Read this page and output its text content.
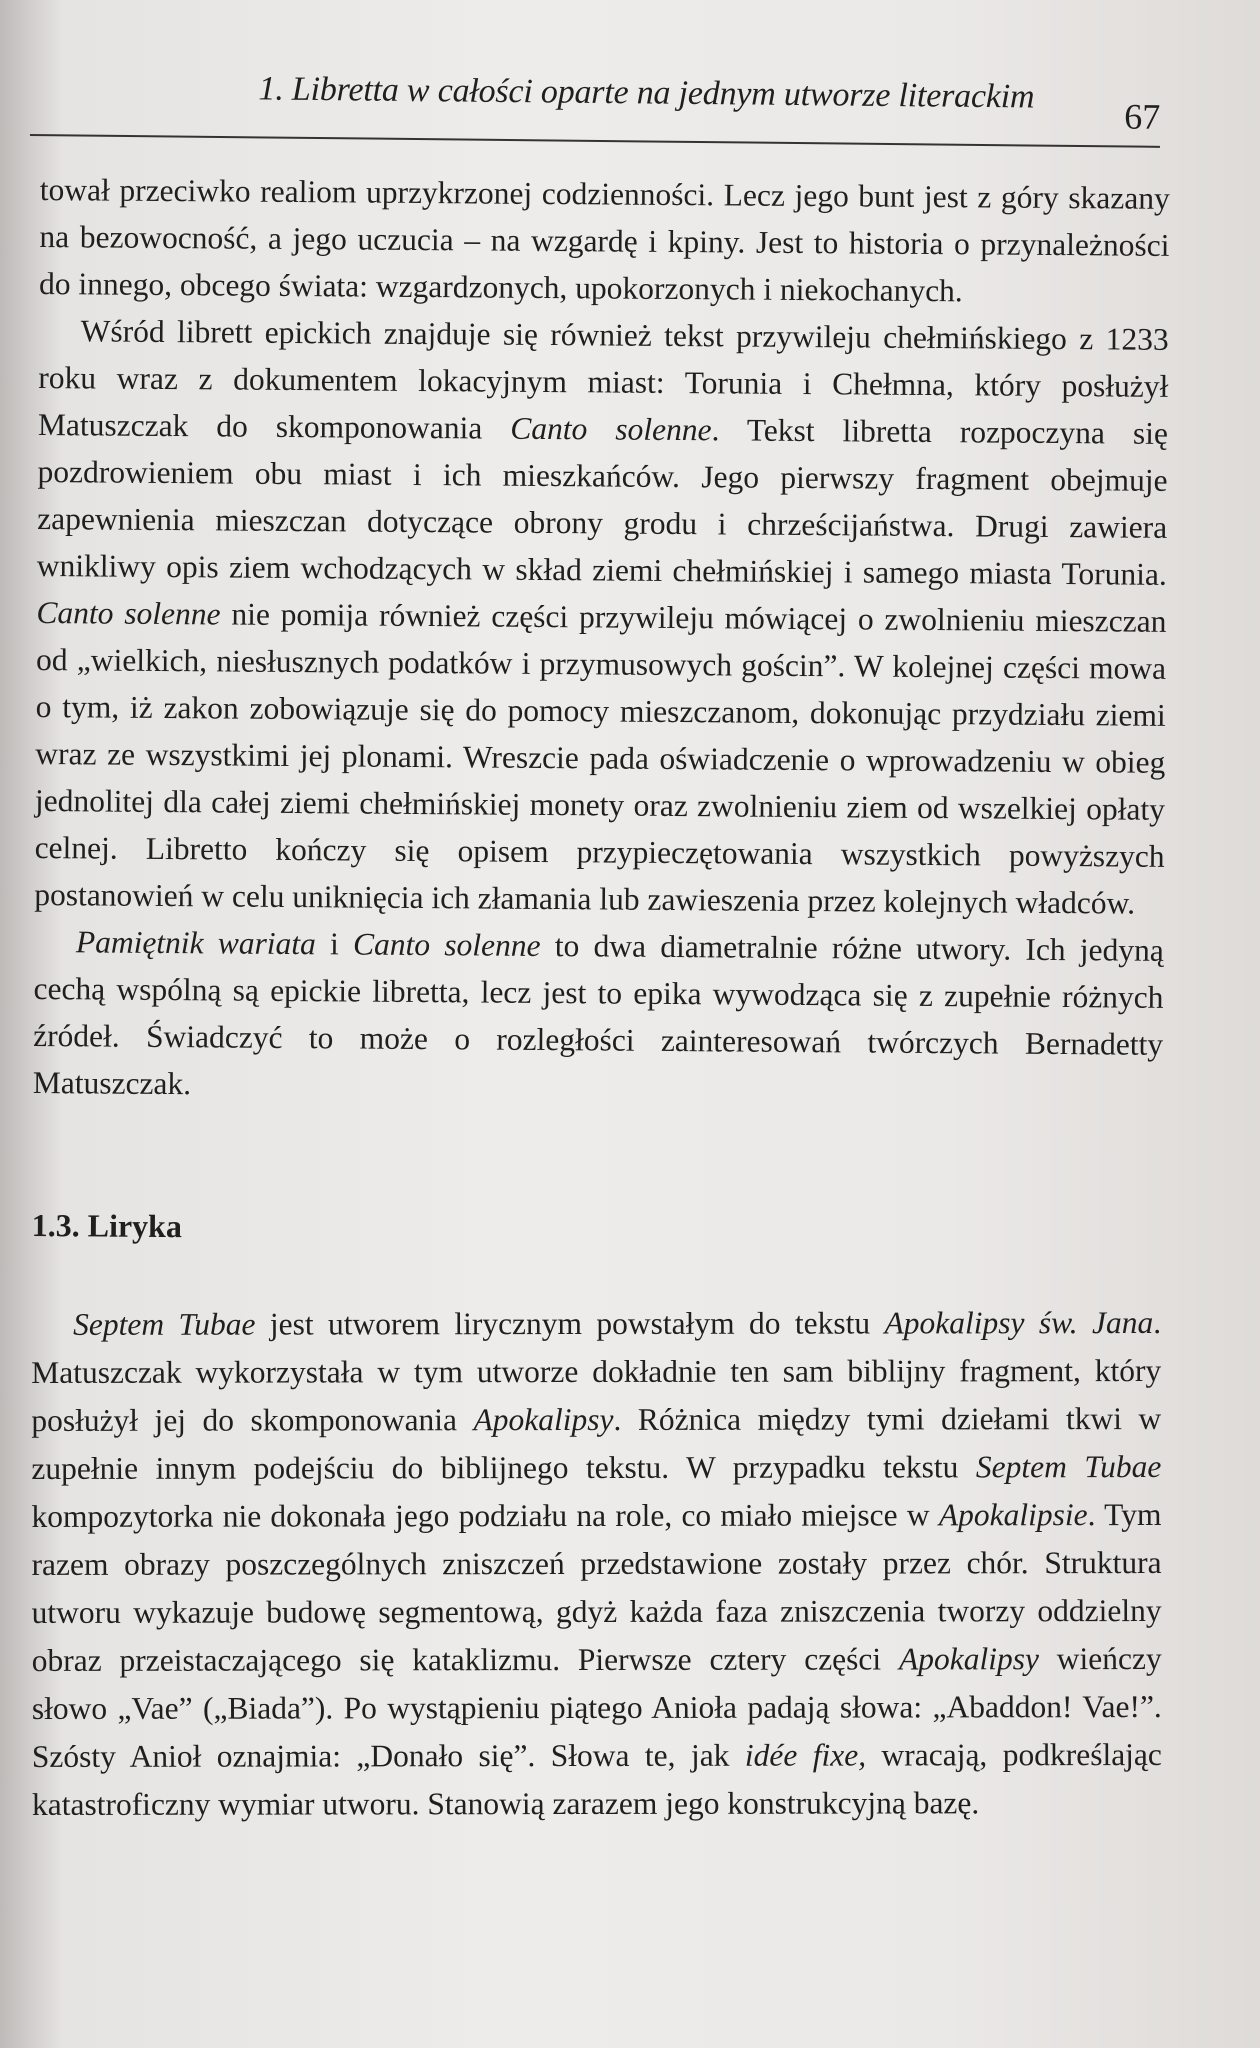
1. Libretta w całości oparte na jednym utworze literackim
67

tował przeciwko realiom uprzykrzonej codzienności. Lecz jego bunt jest z góry skazany na bezowocność, a jego uczucia – na wzgardę i kpiny. Jest to historia o przynależności do innego, obcego świata: wzgardzonych, upokorzonych i niekochanych.

Wśród librett epickich znajduje się również tekst przywileju chełmińskiego z 1233 roku wraz z dokumentem lokacyjnym miast: Torunia i Chełmna, który posłużył Matuszczak do skomponowania Canto solenne. Tekst libretta rozpoczyna się pozdrowieniem obu miast i ich mieszkańców. Jego pierwszy fragment obejmuje zapewnienia mieszczan dotyczące obrony grodu i chrześcijaństwa. Drugi zawiera wnikliwy opis ziem wchodzących w skład ziemi chełmińskiej i samego miasta Torunia. Canto solenne nie pomija również części przywileju mówiącej o zwolnieniu mieszczan od „wielkich, niesłusznych podatków i przymusowych gościn”. W kolejnej części mowa o tym, iż zakon zobowiązuje się do pomocy mieszczanom, dokonując przydziału ziemi wraz ze wszystkimi jej plonami. Wreszcie pada oświadczenie o wprowadzeniu w obieg jednolitej dla całej ziemi chełmińskiej monety oraz zwolnieniu ziem od wszelkiej opłaty celnej. Libretto kończy się opisem przypieczętowania wszystkich powyższych postanowień w celu uniknięcia ich złamania lub zawieszenia przez kolejnych władców.

Pamiętnik wariata i Canto solenne to dwa diametralnie różne utwory. Ich jedyną cechą wspólną są epickie libretta, lecz jest to epika wywodząca się z zupełnie różnych źródeł. Świadczyć to może o rozległości zainteresowań twórczych Bernadetty Matuszczak.

1.3. Liryka

Septem Tubae jest utworem lirycznym powstałym do tekstu Apokalipsy św. Jana. Matuszczak wykorzystała w tym utworze dokładnie ten sam biblijny fragment, który posłużył jej do skomponowania Apokalipsy. Różnica między tymi dziełami tkwi w zupełnie innym podejściu do biblijnego tekstu. W przypadku tekstu Septem Tubae kompozytorka nie dokonała jego podziału na role, co miało miejsce w Apokalipsie. Tym razem obrazy poszczególnych zniszczeń przedstawione zostały przez chór. Struktura utworu wykazuje budowę segmentową, gdyż każda faza zniszczenia tworzy oddzielny obraz przeistaczającego się kataklizmu. Pierwsze cztery części Apokalipsy wieńczy słowo „Vae” („Biada”). Po wystąpieniu piątego Anioła padają słowa: „Abaddon! Vae!”. Szósty Anioł oznajmia: „Donało się”. Słowa te, jak idée fixe, wracają, podkreślając katastroficzny wymiar utworu. Stanowią zarazem jego konstrukcyjną bazę.
